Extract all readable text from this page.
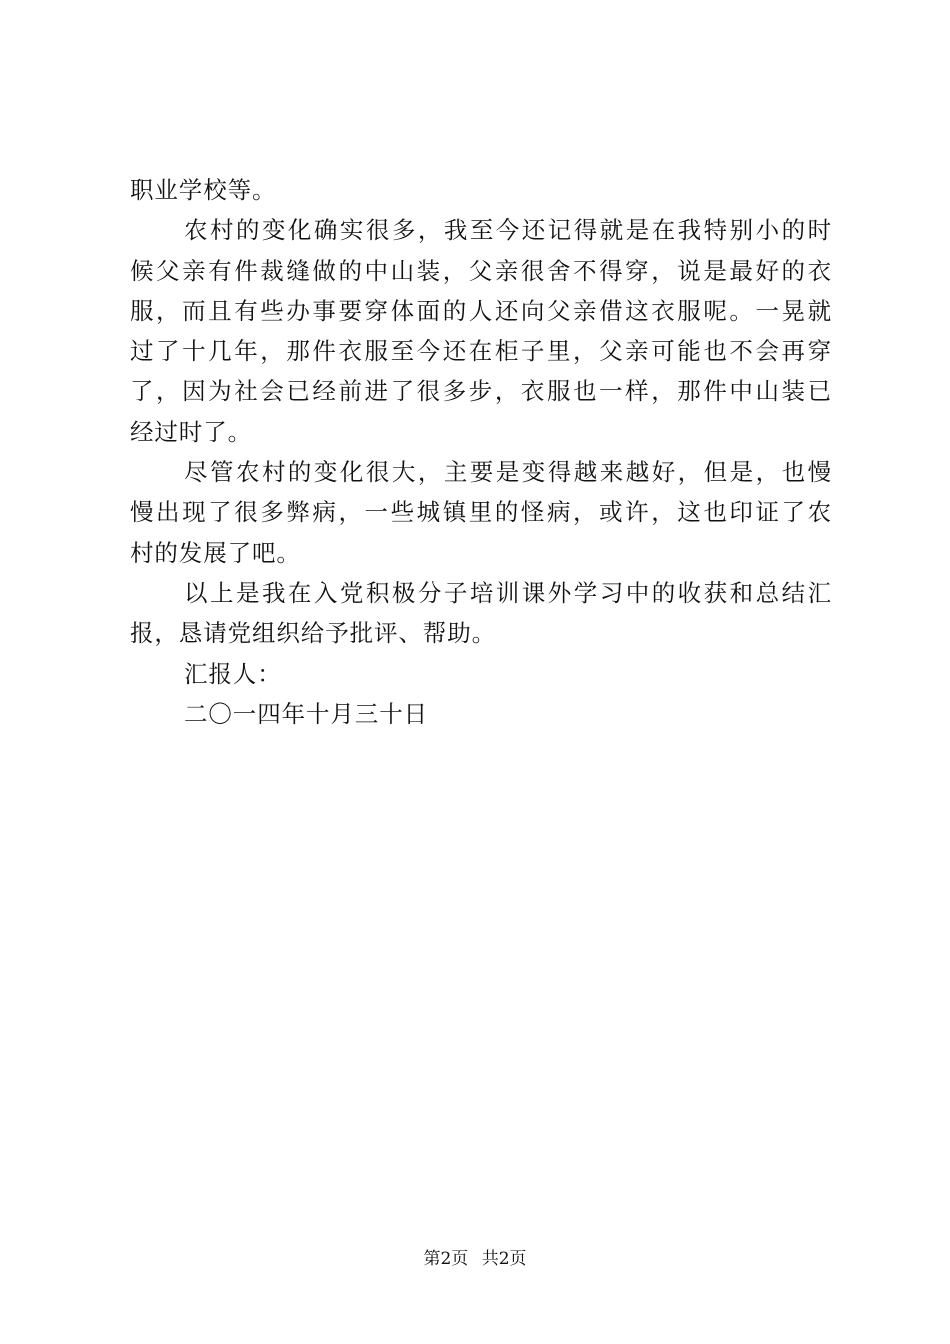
职业学校等。
农村的变化确实很多，我至今还记得就是在我特别小的时
候父亲有件裁缝做的中山装，父亲很舍不得穿，说是最好的衣
服，而且有些办事要穿体面的人还向父亲借这衣服呢。一晃就
过了十几年，那件衣服至今还在柜子里，父亲可能也不会再穿
了，因为社会已经前进了很多步，衣服也一样，那件中山装已
经过时了。
尽管农村的变化很大，主要是变得越来越好，但是，也慢
慢出现了很多弊病，一些城镇里的怪病，或许，这也印证了农
村的发展了吧。
以上是我在入党积极分子培训课外学习中的收获和总结汇
报，恳请党组织给予批评、帮助。
汇报人：
二〇一四年十月三十日
第2页 共2页
